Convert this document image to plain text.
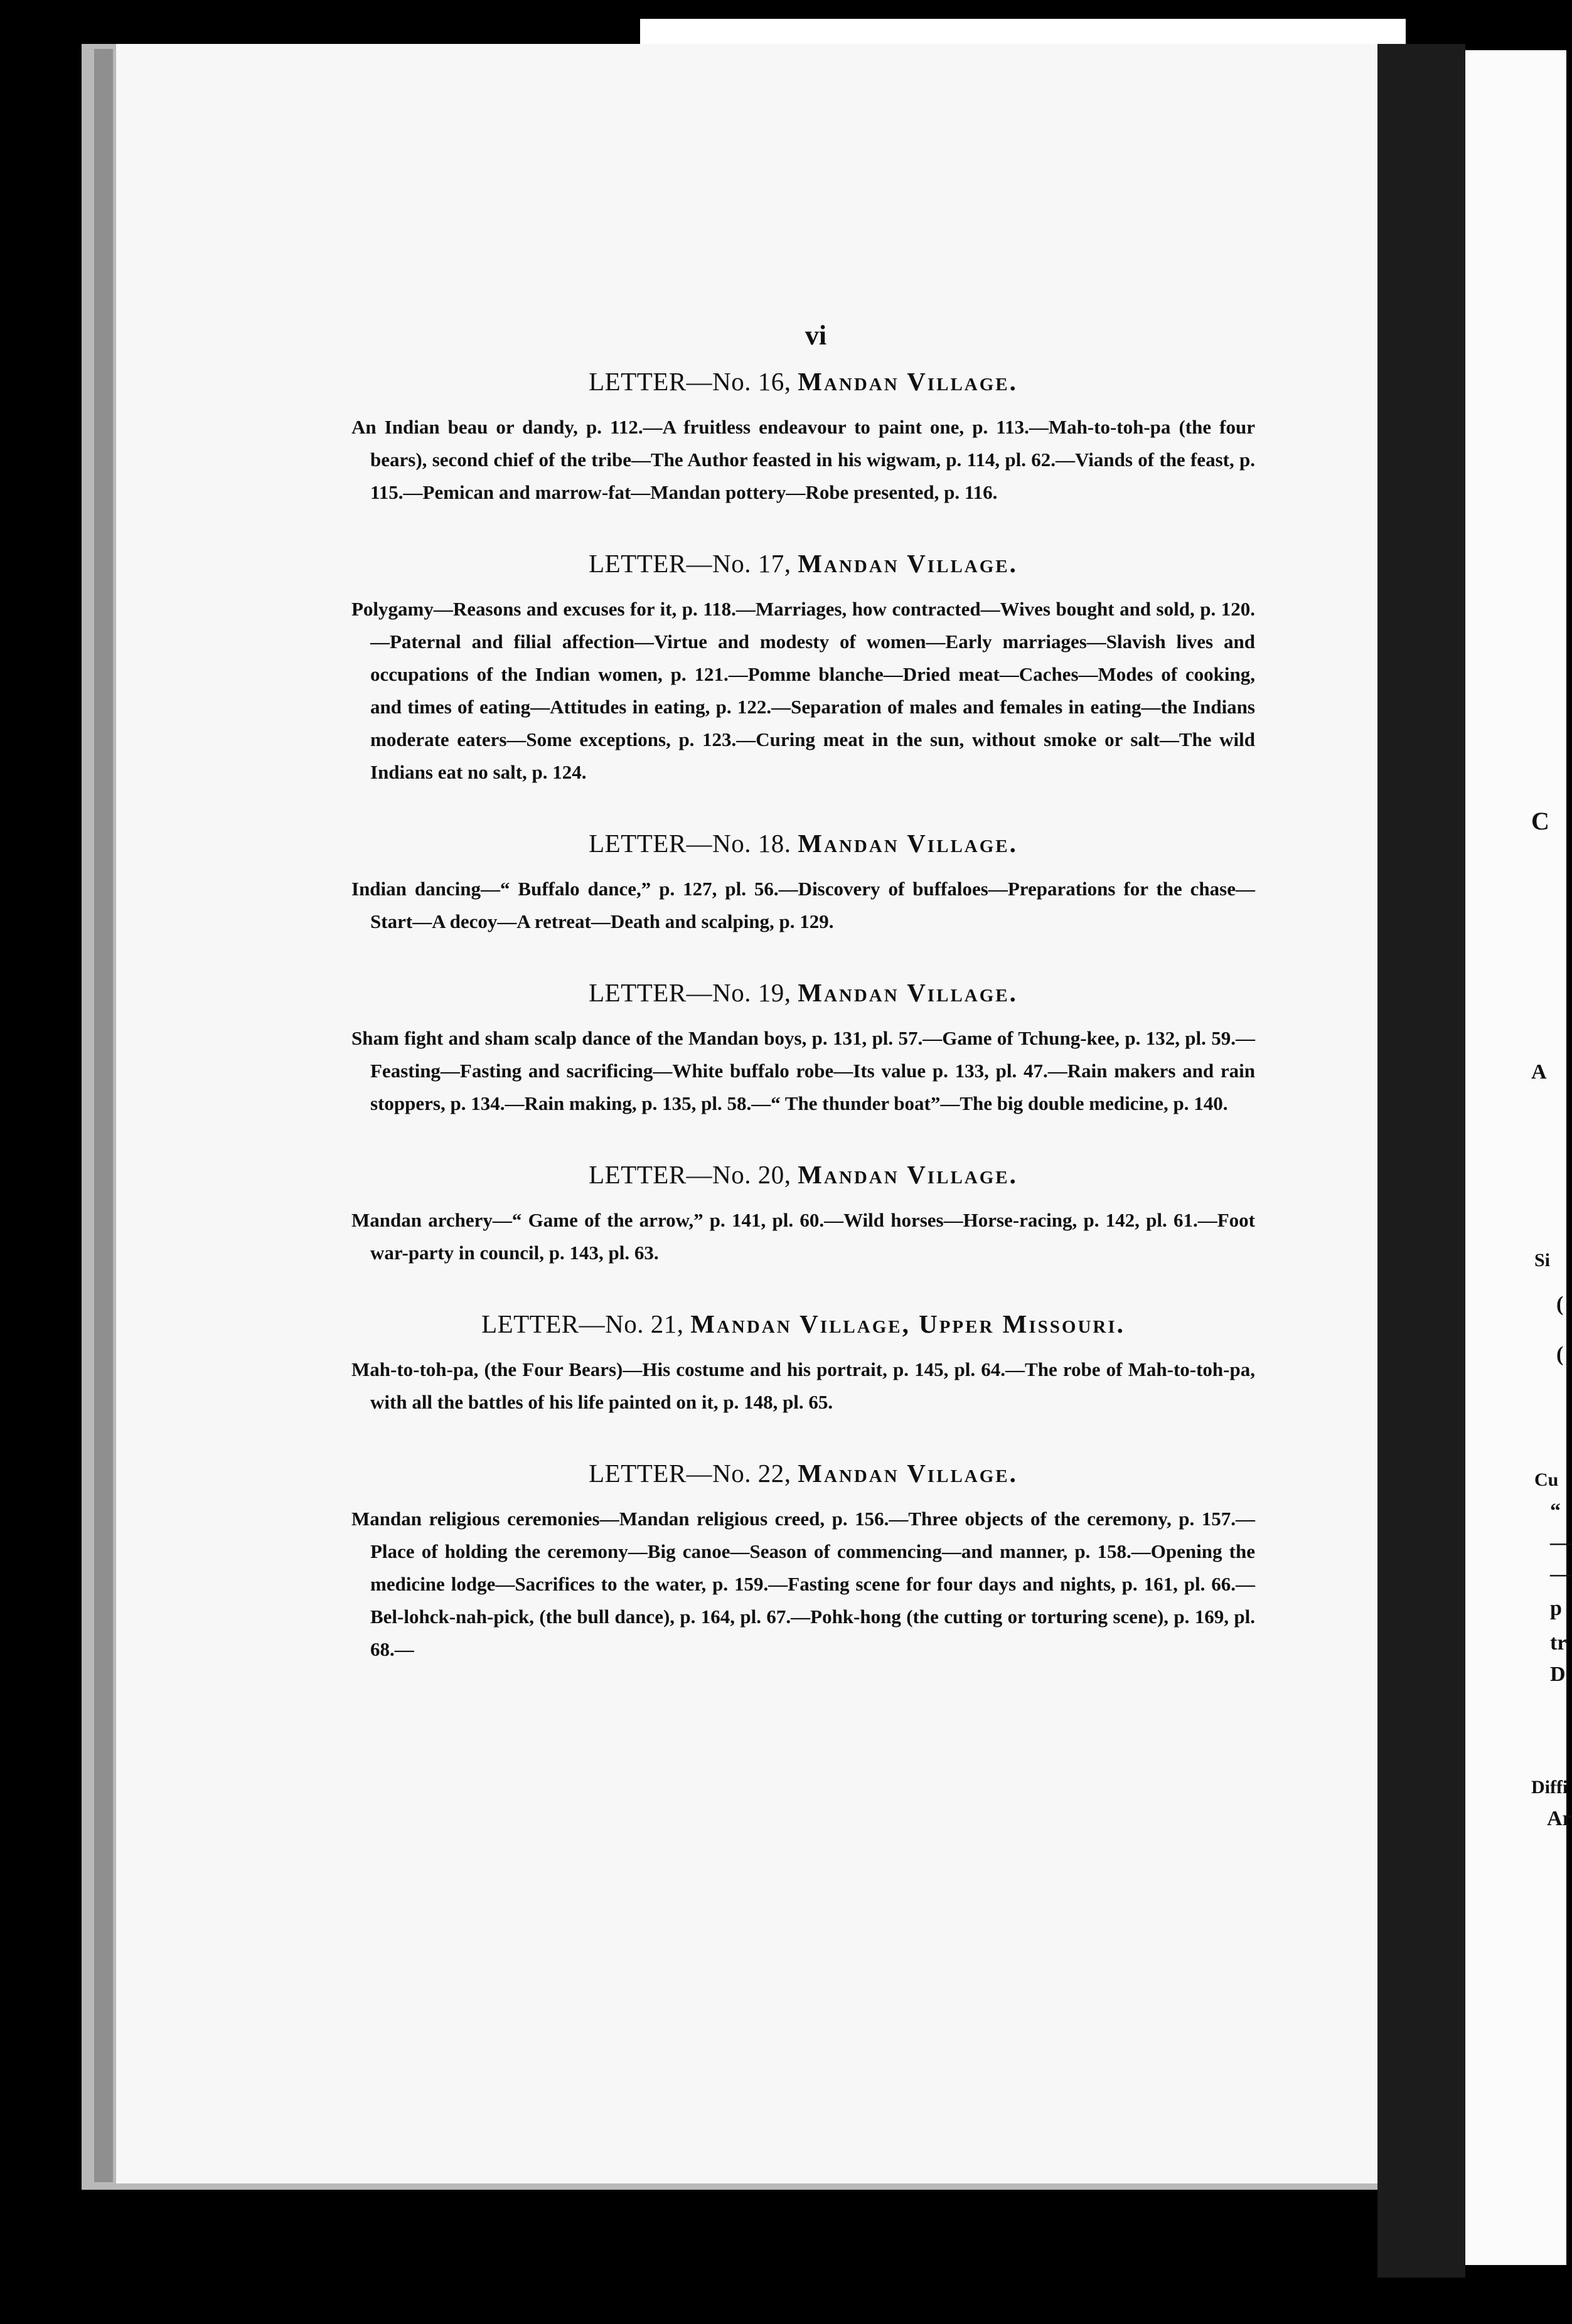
C
A
Si
(
(
Cu
“
—
—
p
tr
D
Diffi
Ar
vi
LETTER—No. 16, Mandan Village.
An Indian beau or dandy, p. 112.—A fruitless endeavour to paint one, p. 113.—Mah-to-toh-pa (the four bears), second chief of the tribe—The Author feasted in his wigwam, p. 114, pl. 62.—Viands of the feast, p. 115.—Pemican and marrow-fat—Mandan pottery—Robe presented, p. 116.
LETTER—No. 17, Mandan Village.
Polygamy—Reasons and excuses for it, p. 118.—Marriages, how contracted—Wives bought and sold, p. 120.—Paternal and filial affection—Virtue and modesty of women—Early marriages—Slavish lives and occupations of the Indian women, p. 121.—Pomme blanche—Dried meat—Caches—Modes of cooking, and times of eating—Attitudes in eating, p. 122.—Separation of males and females in eating—the Indians moderate eaters—Some exceptions, p. 123.—Curing meat in the sun, without smoke or salt—The wild Indians eat no salt, p. 124.
LETTER—No. 18. Mandan Village.
Indian dancing—“ Buffalo dance,” p. 127, pl. 56.—Discovery of buffaloes—Preparations for the chase—Start—A decoy—A retreat—Death and scalping, p. 129.
LETTER—No. 19, Mandan Village.
Sham fight and sham scalp dance of the Mandan boys, p. 131, pl. 57.—Game of Tchung-kee, p. 132, pl. 59.—Feasting—Fasting and sacrificing—White buffalo robe—Its value p. 133, pl. 47.—Rain makers and rain stoppers, p. 134.—Rain making, p. 135, pl. 58.—“ The thunder boat”—The big double medicine, p. 140.
LETTER—No. 20, Mandan Village.
Mandan archery—“ Game of the arrow,” p. 141, pl. 60.—Wild horses—Horse-racing, p. 142, pl. 61.—Foot war-party in council, p. 143, pl. 63.
LETTER—No. 21, Mandan Village, Upper Missouri.
Mah-to-toh-pa, (the Four Bears)—His costume and his portrait, p. 145, pl. 64.—The robe of Mah-to-toh-pa, with all the battles of his life painted on it, p. 148, pl. 65.
LETTER—No. 22, Mandan Village.
Mandan religious ceremonies—Mandan religious creed, p. 156.—Three objects of the ceremony, p. 157.—Place of holding the ceremony—Big canoe—Season of commencing—and manner, p. 158.—Opening the medicine lodge—Sacrifices to the water, p. 159.—Fasting scene for four days and nights, p. 161, pl. 66.—Bel-lohck-nah-pick, (the bull dance), p. 164, pl. 67.—Pohk-hong (the cutting or torturing scene), p. 169, pl. 68.—
